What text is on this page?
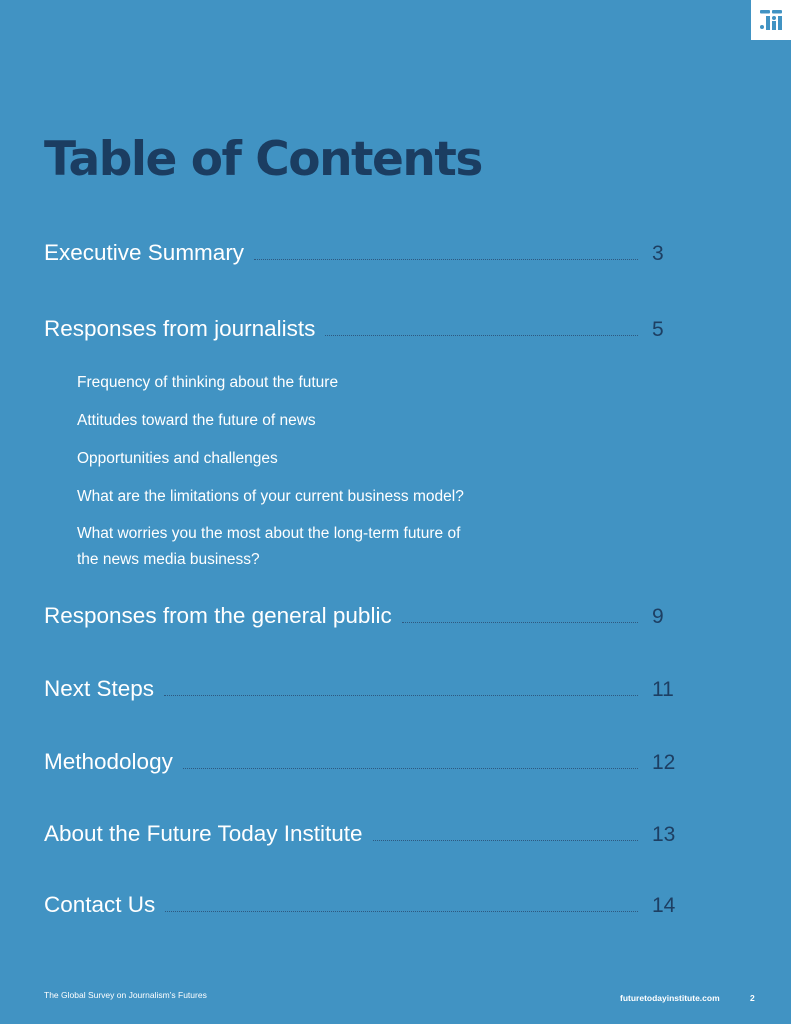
Table of Contents
Executive Summary	3
Responses from journalists	5
Frequency of thinking about the future
Attitudes toward the future of news
Opportunities and challenges
What are the limitations of your current business model?
What worries you the most about the long-term future of
the news media business?
Responses from the general public	9
Next Steps	11
Methodology	12
About the Future Today Institute	13
Contact Us	14
The Global Survey on Journalism’s Futures	futuretodayinstitute.com	2
